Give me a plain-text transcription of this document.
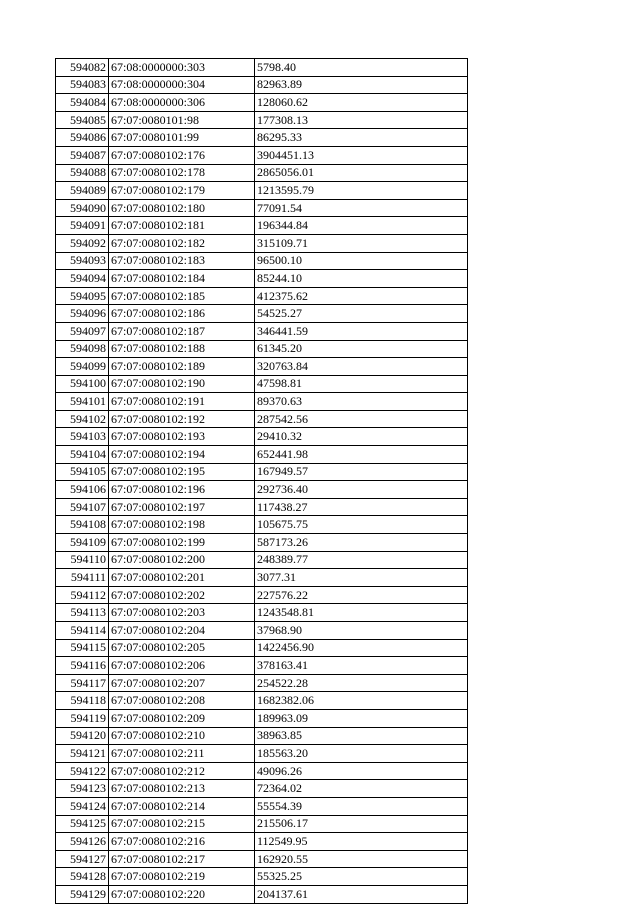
594082	67:08:0000000:303	5798.40
594083	67:08:0000000:304	82963.89
594084	67:08:0000000:306	128060.62
594085	67:07:0080101:98	177308.13
594086	67:07:0080101:99	86295.33
594087	67:07:0080102:176	3904451.13
594088	67:07:0080102:178	2865056.01
594089	67:07:0080102:179	1213595.79
594090	67:07:0080102:180	77091.54
594091	67:07:0080102:181	196344.84
594092	67:07:0080102:182	315109.71
594093	67:07:0080102:183	96500.10
594094	67:07:0080102:184	85244.10
594095	67:07:0080102:185	412375.62
594096	67:07:0080102:186	54525.27
594097	67:07:0080102:187	346441.59
594098	67:07:0080102:188	61345.20
594099	67:07:0080102:189	320763.84
594100	67:07:0080102:190	47598.81
594101	67:07:0080102:191	89370.63
594102	67:07:0080102:192	287542.56
594103	67:07:0080102:193	29410.32
594104	67:07:0080102:194	652441.98
594105	67:07:0080102:195	167949.57
594106	67:07:0080102:196	292736.40
594107	67:07:0080102:197	117438.27
594108	67:07:0080102:198	105675.75
594109	67:07:0080102:199	587173.26
594110	67:07:0080102:200	248389.77
594111	67:07:0080102:201	3077.31
594112	67:07:0080102:202	227576.22
594113	67:07:0080102:203	1243548.81
594114	67:07:0080102:204	37968.90
594115	67:07:0080102:205	1422456.90
594116	67:07:0080102:206	378163.41
594117	67:07:0080102:207	254522.28
594118	67:07:0080102:208	1682382.06
594119	67:07:0080102:209	189963.09
594120	67:07:0080102:210	38963.85
594121	67:07:0080102:211	185563.20
594122	67:07:0080102:212	49096.26
594123	67:07:0080102:213	72364.02
594124	67:07:0080102:214	55554.39
594125	67:07:0080102:215	215506.17
594126	67:07:0080102:216	112549.95
594127	67:07:0080102:217	162920.55
594128	67:07:0080102:219	55325.25
594129	67:07:0080102:220	204137.61
